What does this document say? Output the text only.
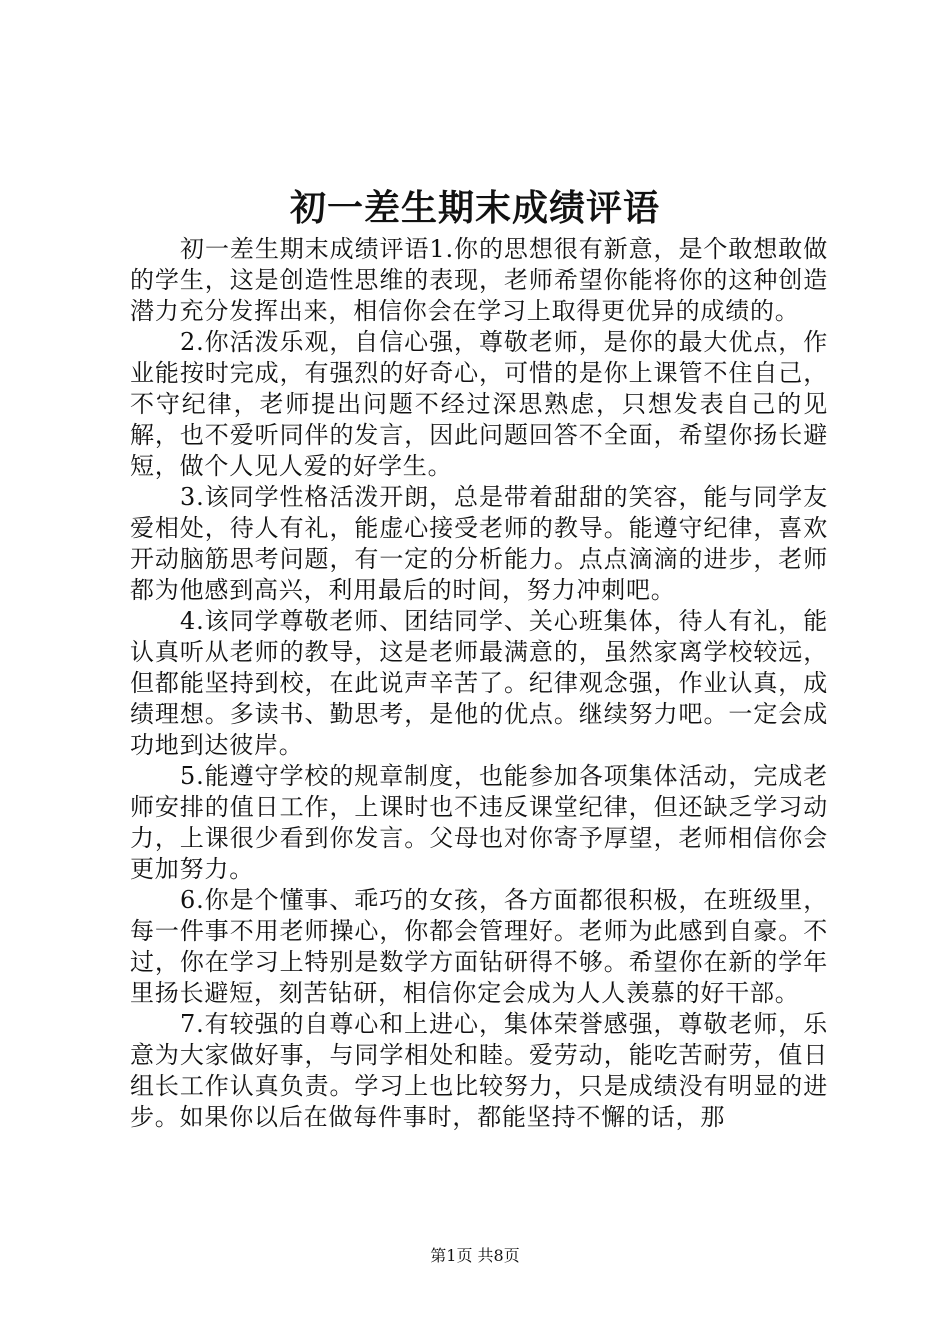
初一差生期末成绩评语

初一差生期末成绩评语1.你的思想很有新意，是个敢想敢做的学生，这是创造性思维的表现，老师希望你能将你的这种创造潜力充分发挥出来，相信你会在学习上取得更优异的成绩的。

2.你活泼乐观，自信心强，尊敬老师，是你的最大优点，作业能按时完成，有强烈的好奇心，可惜的是你上课管不住自己，不守纪律，老师提出问题不经过深思熟虑，只想发表自己的见解，也不爱听同伴的发言，因此问题回答不全面，希望你扬长避短，做个人见人爱的好学生。

3.该同学性格活泼开朗，总是带着甜甜的笑容，能与同学友爱相处，待人有礼，能虚心接受老师的教导。能遵守纪律，喜欢开动脑筋思考问题，有一定的分析能力。点点滴滴的进步，老师都为他感到高兴，利用最后的时间，努力冲刺吧。

4.该同学尊敬老师、团结同学、关心班集体，待人有礼，能认真听从老师的教导，这是老师最满意的，虽然家离学校较远，但都能坚持到校，在此说声辛苦了。纪律观念强，作业认真，成绩理想。多读书、勤思考，是他的优点。继续努力吧。一定会成功地到达彼岸。

5.能遵守学校的规章制度，也能参加各项集体活动，完成老师安排的值日工作，上课时也不违反课堂纪律，但还缺乏学习动力，上课很少看到你发言。父母也对你寄予厚望，老师相信你会更加努力。

6.你是个懂事、乖巧的女孩，各方面都很积极，在班级里，每一件事不用老师操心，你都会管理好。老师为此感到自豪。不过，你在学习上特别是数学方面钻研得不够。希望你在新的学年里扬长避短，刻苦钻研，相信你定会成为人人羡慕的好干部。

7.有较强的自尊心和上进心，集体荣誉感强，尊敬老师，乐意为大家做好事，与同学相处和睦。爱劳动，能吃苦耐劳，值日组长工作认真负责。学习上也比较努力，只是成绩没有明显的进步。如果你以后在做每件事时，都能坚持不懈的话，那

第1页 共8页
